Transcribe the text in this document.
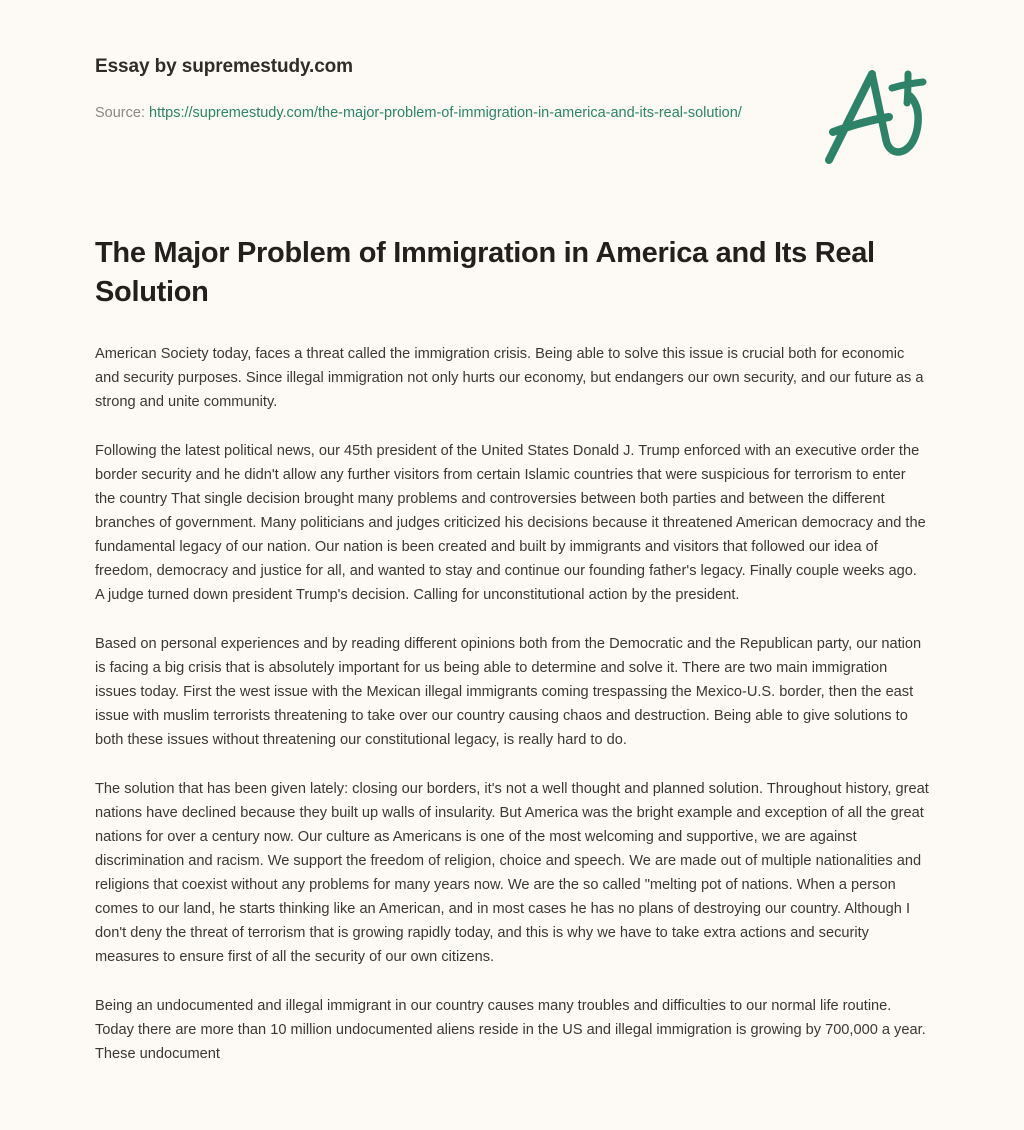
Essay by supremestudy.com
Source: https://supremestudy.com/the-major-problem-of-immigration-in-america-and-its-real-solution/
The Major Problem of Immigration in America and Its Real Solution

American Society today, faces a threat called the immigration crisis. Being able to solve this issue is crucial both for economic and security purposes. Since illegal immigration not only hurts our economy, but endangers our own security, and our future as a strong and unite community.

Following the latest political news, our 45th president of the United States Donald J. Trump enforced with an executive order the border security and he didn't allow any further visitors from certain Islamic countries that were suspicious for terrorism to enter the country That single decision brought many problems and controversies between both parties and between the different branches of government. Many politicians and judges criticized his decisions because it threatened American democracy and the fundamental legacy of our nation. Our nation is been created and built by immigrants and visitors that followed our idea of freedom, democracy and justice for all, and wanted to stay and continue our founding father's legacy. Finally couple weeks ago. A judge turned down president Trump's decision. Calling for unconstitutional action by the president.

Based on personal experiences and by reading different opinions both from the Democratic and the Republican party, our nation is facing a big crisis that is absolutely important for us being able to determine and solve it. There are two main immigration issues today. First the west issue with the Mexican illegal immigrants coming trespassing the Mexico-U.S. border, then the east issue with muslim terrorists threatening to take over our country causing chaos and destruction. Being able to give solutions to both these issues without threatening our constitutional legacy, is really hard to do.

The solution that has been given lately: closing our borders, it's not a well thought and planned solution. Throughout history, great nations have declined because they built up walls of insularity. But America was the bright example and exception of all the great nations for over a century now. Our culture as Americans is one of the most welcoming and supportive, we are against discrimination and racism. We support the freedom of religion, choice and speech. We are made out of multiple nationalities and religions that coexist without any problems for many years now. We are the so called "melting pot of nations. When a person comes to our land, he starts thinking like an American, and in most cases he has no plans of destroying our country. Although I don't deny the threat of terrorism that is growing rapidly today, and this is why we have to take extra actions and security measures to ensure first of all the security of our own citizens.

Being an undocumented and illegal immigrant in our country causes many troubles and difficulties to our normal life routine. Today there are more than 10 million undocumented aliens reside in the US and illegal immigration is growing by 700,000 a year. These undocument
